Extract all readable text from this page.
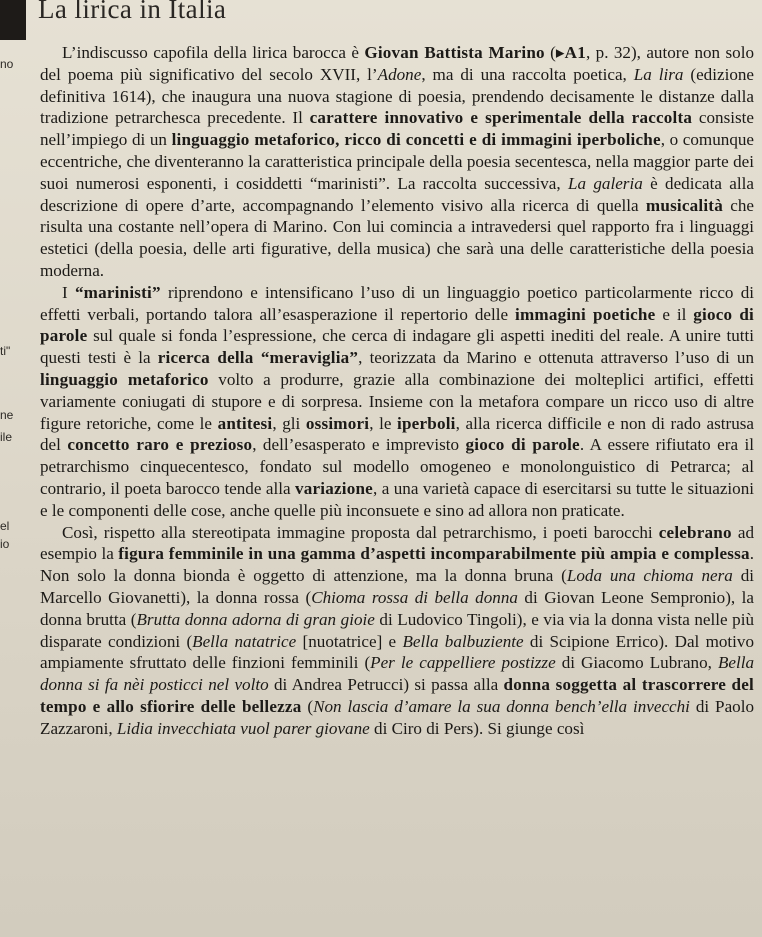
La lirica in Italia
no
ti"
ne
ile
el
io

L’indiscusso capofila della lirica barocca è Giovan Battista Marino (▸A1, p. 32), autore non solo del poema più significativo del secolo XVII, l’Adone, ma di una raccolta poetica, La lira (edizione definitiva 1614), che inaugura una nuova stagione di poesia, prendendo decisamente le distanze dalla tradizione petrarchesca precedente. Il carattere innovativo e sperimentale della raccolta consiste nell’impiego di un linguaggio metaforico, ricco di concetti e di immagini iperboliche, o comunque eccentriche, che diventeranno la caratteristica principale della poesia secentesca, nella maggior parte dei suoi numerosi esponenti, i cosiddetti “marinisti”. La raccolta successiva, La galeria è dedicata alla descrizione di opere d’arte, accompagnando l’elemento visivo alla ricerca di quella musicalità che risulta una costante nell’opera di Marino. Con lui comincia a intravedersi quel rapporto fra i linguaggi estetici (della poesia, delle arti figurative, della musica) che sarà una delle caratteristiche della poesia moderna.

I “marinisti” riprendono e intensificano l’uso di un linguaggio poetico particolarmente ricco di effetti verbali, portando talora all’esasperazione il repertorio delle immagini poetiche e il gioco di parole sul quale si fonda l’espressione, che cerca di indagare gli aspetti inediti del reale. A unire tutti questi testi è la ricerca della “meraviglia”, teorizzata da Marino e ottenuta attraverso l’uso di un linguaggio metaforico volto a produrre, grazie alla combinazione dei molteplici artifici, effetti variamente coniugati di stupore e di sorpresa. Insieme con la metafora compare un ricco uso di altre figure retoriche, come le antitesi, gli ossimori, le iperboli, alla ricerca difficile e non di rado astrusa del concetto raro e prezioso, dell’esasperato e imprevisto gioco di parole. A essere rifiutato era il petrarchismo cinquecentesco, fondato sul modello omogeneo e monolonguistico di Petrarca; al contrario, il poeta barocco tende alla variazione, a una varietà capace di esercitarsi su tutte le situazioni e le componenti delle cose, anche quelle più inconsuete e sino ad allora non praticate.

Così, rispetto alla stereotipata immagine proposta dal petrarchismo, i poeti barocchi celebrano ad esempio la figura femminile in una gamma d’aspetti incomparabilmente più ampia e complessa. Non solo la donna bionda è oggetto di attenzione, ma la donna bruna (Loda una chioma nera di Marcello Giovanetti), la donna rossa (Chioma rossa di bella donna di Giovan Leone Sempronio), la donna brutta (Brutta donna adorna di gran gioie di Ludovico Tingoli), e via via la donna vista nelle più disparate condizioni (Bella natatrice [nuotatrice] e Bella balbuziente di Scipione Errico). Dal motivo ampiamente sfruttato delle finzioni femminili (Per le cappelliere postizze di Giacomo Lubrano, Bella donna si fa nèi posticci nel volto di Andrea Petrucci) si passa alla donna soggetta al trascorrere del tempo e allo sfiorire delle bellezza (Non lascia d’amare la sua donna bench’ella invecchi di Paolo Zazzaroni, Lidia invecchiata vuol parer giovane di Ciro di Pers). Si giunge così
